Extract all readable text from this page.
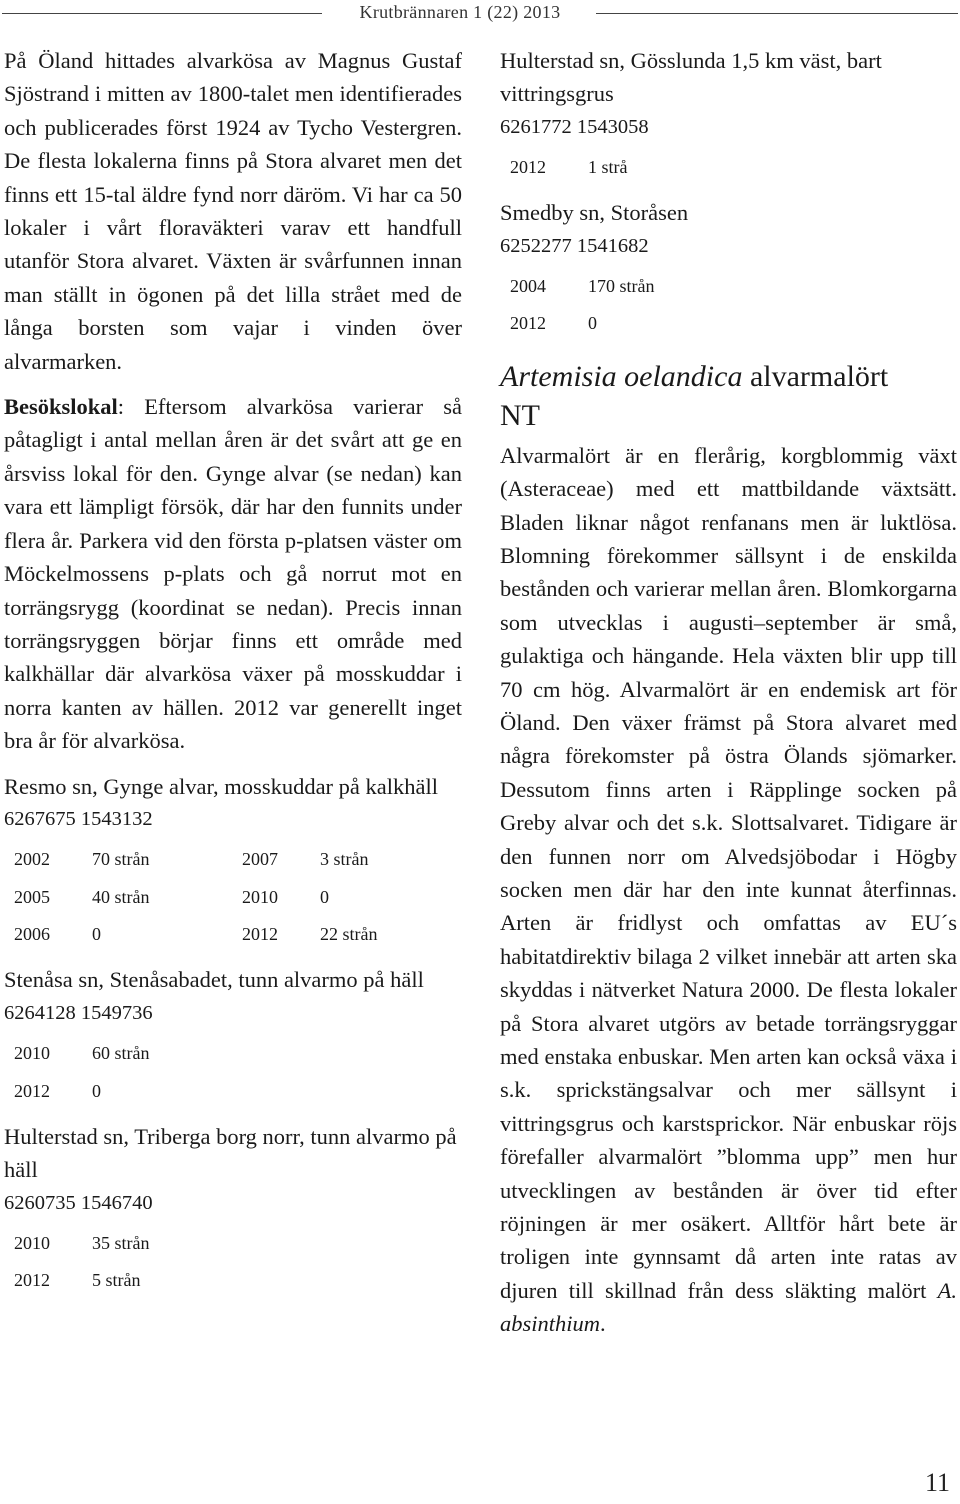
Krutbrännaren 1 (22) 2013

På Öland hittades alvarkösa av Magnus Gustaf Sjöstrand i mitten av 1800-talet men identifierades och publicerades först 1924 av Tycho Vestergren. De flesta lokalerna finns på Stora alvaret men det finns ett 15-tal äldre fynd norr däröm. Vi har ca 50 lokaler i vårt floraväkteri varav ett handfull utanför Stora alvaret. Växten är svårfunnen innan man ställt in ögonen på det lilla strået med de långa borsten som vajar i vinden över alvarmarken.

Besökslokal: Eftersom alvarkösa varierar så påtagligt i antal mellan åren är det svårt att ge en årsviss lokal för den. Gynge alvar (se nedan) kan vara ett lämpligt försök, där har den funnits under flera år. Parkera vid den första p-platsen väster om Möckelmossens p-plats och gå norrut mot en torrängsrygg (koordinat se nedan). Precis innan torrängsryggen börjar finns ett område med kalkhällar där alvarkösa växer på mosskuddar i norra kanten av hällen. 2012 var generellt inget bra år för alvarkösa.

Resmo sn, Gynge alvar, mosskuddar på kalkhäll

6267675 1543132

2002	70 strån	2007	3 strån
2005	40 strån	2010	0
2006	0	2012	22 strån

Stenåsa sn, Stenåsabadet, tunn alvarmo på häll

6264128 1549736

2010	60 strån
2012	0

Hulterstad sn, Triberga borg norr, tunn alvarmo på häll

6260735 1546740

2010	35 strån
2012	5 strån

Hulterstad sn, Gösslunda 1,5 km väst, bart vittringsgrus

6261772 1543058

2012	1 strå

Smedby sn, Storåsen

6252277 1541682

2004	170 strån
2012	0

Artemisia oelandica alvarmalört

NT

Alvarmalört är en flerårig, korgblommig växt (Asteraceae) med ett mattbildande växtsätt. Bladen liknar något renfanans men är luktlösa. Blomning förekommer sällsynt i de enskilda bestånden och varierar mellan åren. Blomkorgarna som utvecklas i augusti–september är små, gulaktiga och hängande. Hela växten blir upp till 70 cm hög. Alvarmalört är en endemisk art för Öland. Den växer främst på Stora alvaret med några förekomster på östra Ölands sjömarker. Dessutom finns arten i Räpplinge socken på Greby alvar och det s.k. Slottsalvaret. Tidigare är den funnen norr om Alvedsjöbodar i Högby socken men där har den inte kunnat återfinnas. Arten är fridlyst och omfattas av EU´s habitatdirektiv bilaga 2 vilket innebär att arten ska skyddas i nätverket Natura 2000. De flesta lokaler på Stora alvaret utgörs av betade torrängsryggar med enstaka enbuskar. Men arten kan också växa i s.k. sprickstängsalvar och mer sällsynt i vittringsgrus och karstsprickor. När enbuskar röjs förefaller alvarmalört ”blomma upp” men hur utvecklingen av bestånden är över tid efter röjningen är mer osäkert. Alltför hårt bete är troligen inte gynnsamt då arten inte ratas av djuren till skillnad från dess släkting malört A. absinthium.

11
